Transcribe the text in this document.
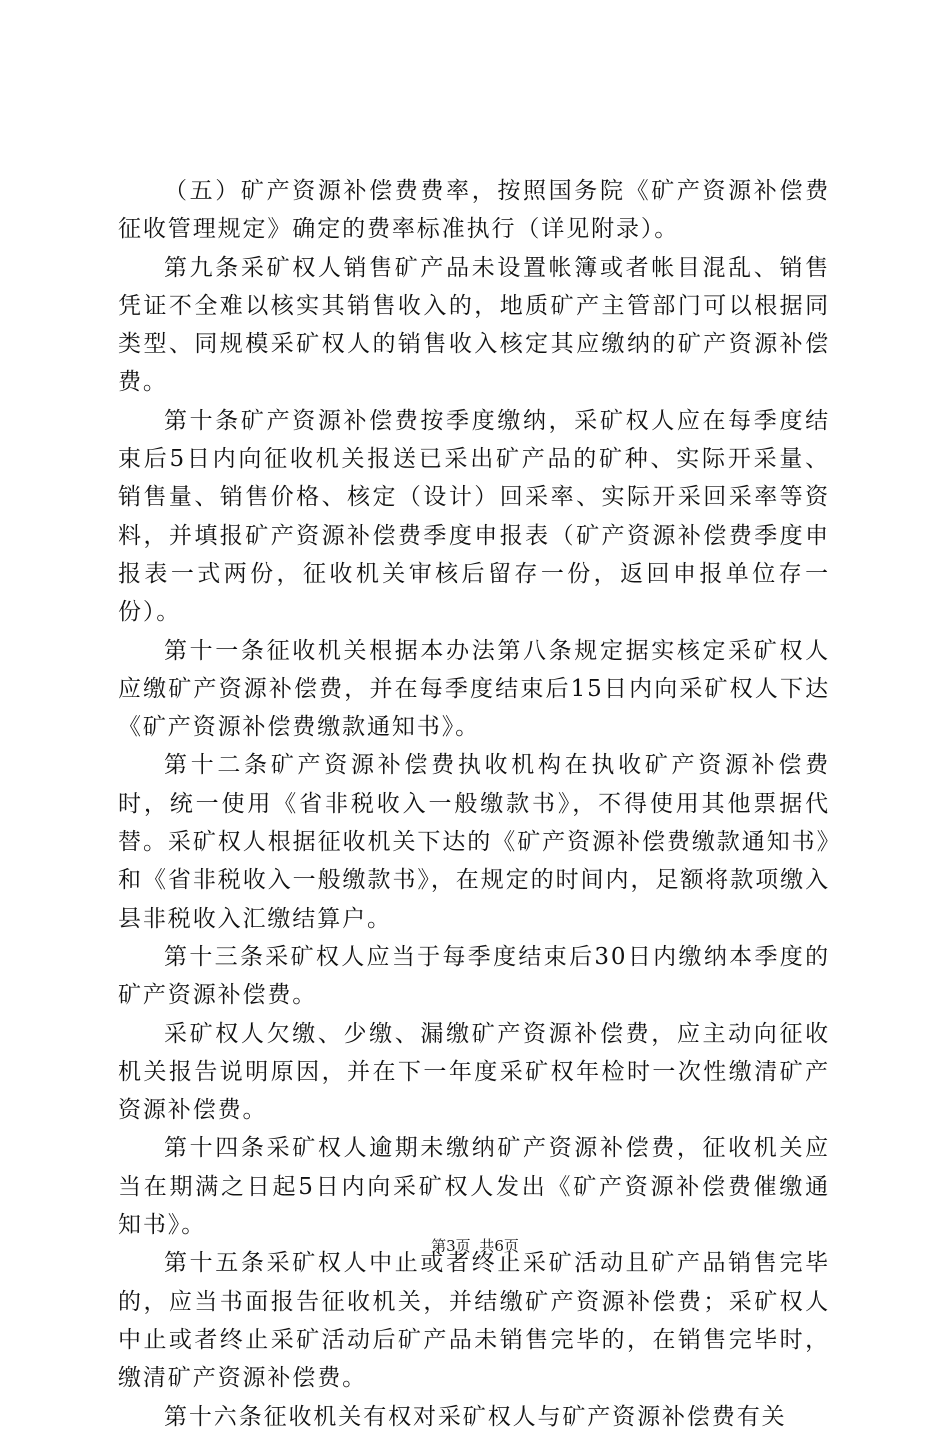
（五）矿产资源补偿费费率，按照国务院《矿产资源补偿费征收管理规定》确定的费率标准执行（详见附录）。

第九条采矿权人销售矿产品未设置帐簿或者帐目混乱、销售凭证不全难以核实其销售收入的，地质矿产主管部门可以根据同类型、同规模采矿权人的销售收入核定其应缴纳的矿产资源补偿费。

第十条矿产资源补偿费按季度缴纳，采矿权人应在每季度结束后5日内向征收机关报送已采出矿产品的矿种、实际开采量、销售量、销售价格、核定（设计）回采率、实际开采回采率等资料，并填报矿产资源补偿费季度申报表（矿产资源补偿费季度申报表一式两份，征收机关审核后留存一份，返回申报单位存一份）。

第十一条征收机关根据本办法第八条规定据实核定采矿权人应缴矿产资源补偿费，并在每季度结束后15日内向采矿权人下达《矿产资源补偿费缴款通知书》。

第十二条矿产资源补偿费执收机构在执收矿产资源补偿费时，统一使用《省非税收入一般缴款书》，不得使用其他票据代替。采矿权人根据征收机关下达的《矿产资源补偿费缴款通知书》和《省非税收入一般缴款书》，在规定的时间内，足额将款项缴入县非税收入汇缴结算户。

第十三条采矿权人应当于每季度结束后30日内缴纳本季度的矿产资源补偿费。

采矿权人欠缴、少缴、漏缴矿产资源补偿费，应主动向征收机关报告说明原因，并在下一年度采矿权年检时一次性缴清矿产资源补偿费。

第十四条采矿权人逾期未缴纳矿产资源补偿费，征收机关应当在期满之日起5日内向采矿权人发出《矿产资源补偿费催缴通知书》。

第十五条采矿权人中止或者终止采矿活动且矿产品销售完毕的，应当书面报告征收机关，并结缴矿产资源补偿费；采矿权人中止或者终止采矿活动后矿产品未销售完毕的，在销售完毕时，缴清矿产资源补偿费。

第十六条征收机关有权对采矿权人与矿产资源补偿费有关

第3页 共6页
